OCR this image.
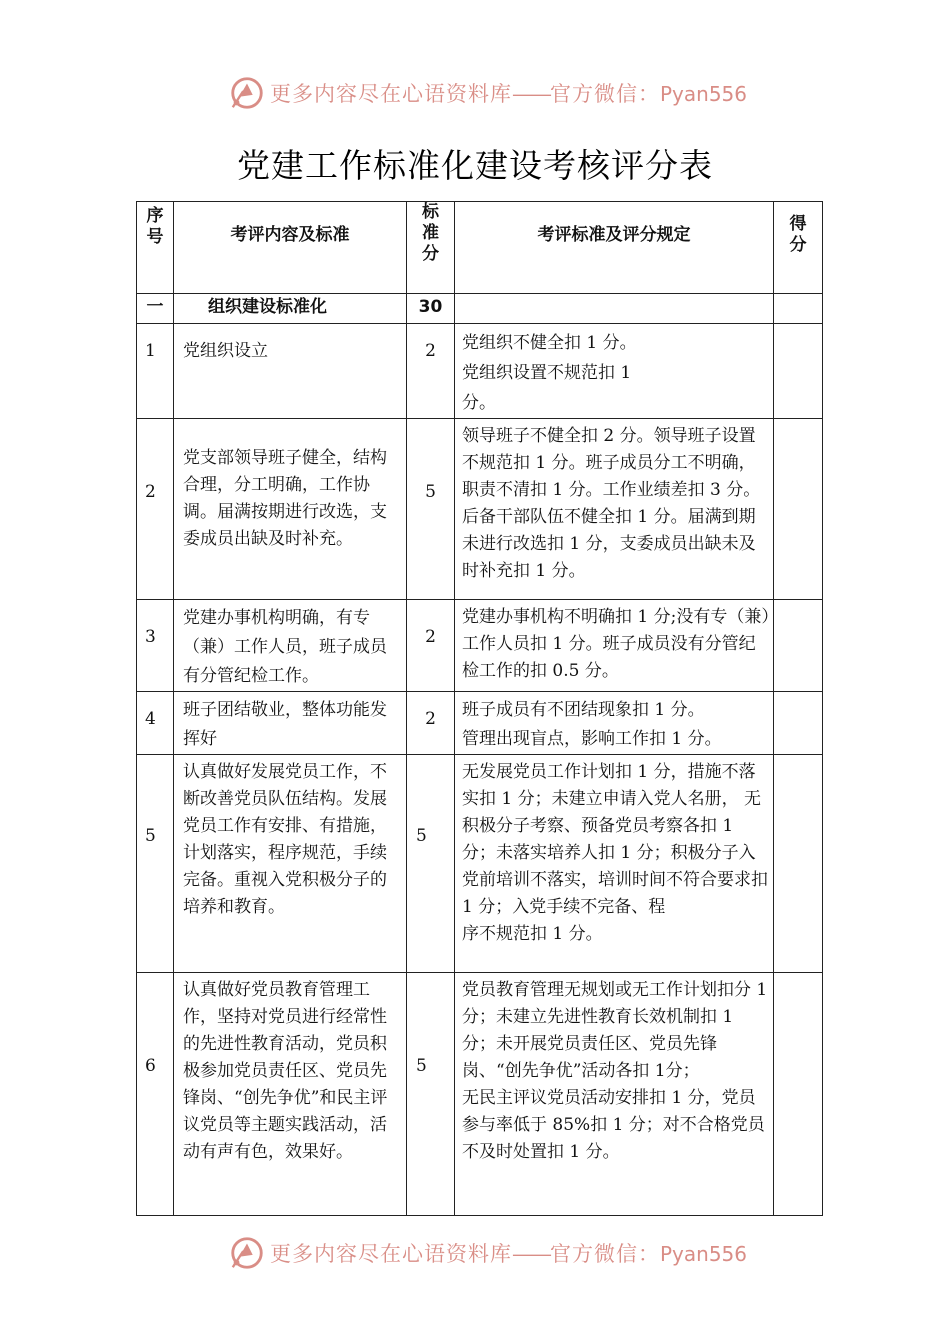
更多内容尽在心语资料库——官方微信：Pyan556
党建工作标准化建设考核评分表
序
号	考评内容及标准	标
准
分	考评标准及评分规定	得
分
一	组织建设标准化	30		
1	党组织设立	2	党组织不健全扣 1 分。
党组织设置不规范扣 1
分。	
2	党支部领导班子健全，结构合理，分工明确，工作协调。届满按期进行改选，支委成员出缺及时补充。	5	领导班子不健全扣 2 分。领导班子设置不规范扣 1 分。班子成员分工不明确，职责不清扣 1 分。工作业绩差扣 3 分。后备干部队伍不健全扣 1 分。届满到期未进行改选扣 1 分，支委成员出缺未及时补充扣 1 分。	
3	党建办事机构明确，有专（兼）工作人员，班子成员有分管纪检工作。	2	党建办事机构不明确扣 1 分;没有专（兼）工作人员扣 1 分。班子成员没有分管纪检工作的扣 0.5 分。	
4	班子团结敬业，整体功能发挥好	2	班子成员有不团结现象扣 1 分。
管理出现盲点，影响工作扣 1 分。	
5	认真做好发展党员工作，不断改善党员队伍结构。发展党员工作有安排、有措施，计划落实，程序规范，手续完备。重视入党积极分子的培养和教育。	5	无发展党员工作计划扣 1 分，措施不落实扣 1 分；未建立申请入党人名册， 无积极分子考察、预备党员考察各扣 1 分；未落实培养人扣 1 分；积极分子入党前培训不落实，培训时间不符合要求扣 1 分；入党手续不完备、程
序不规范扣 1 分。	
6	认真做好党员教育管理工作，坚持对党员进行经常性的先进性教育活动，党员积极参加党员责任区、党员先锋岗、“创先争优”和民主评议党员等主题实践活动，活动有声有色，效果好。	5	党员教育管理无规划或无工作计划扣分 1 分；未建立先进性教育长效机制扣 1 分；未开展党员责任区、党员先锋岗、“创先争优”活动各扣 1分；
无民主评议党员活动安排扣 1 分，党员参与率低于 85%扣 1 分；对不合格党员不及时处置扣 1 分。	
更多内容尽在心语资料库——官方微信：Pyan556
